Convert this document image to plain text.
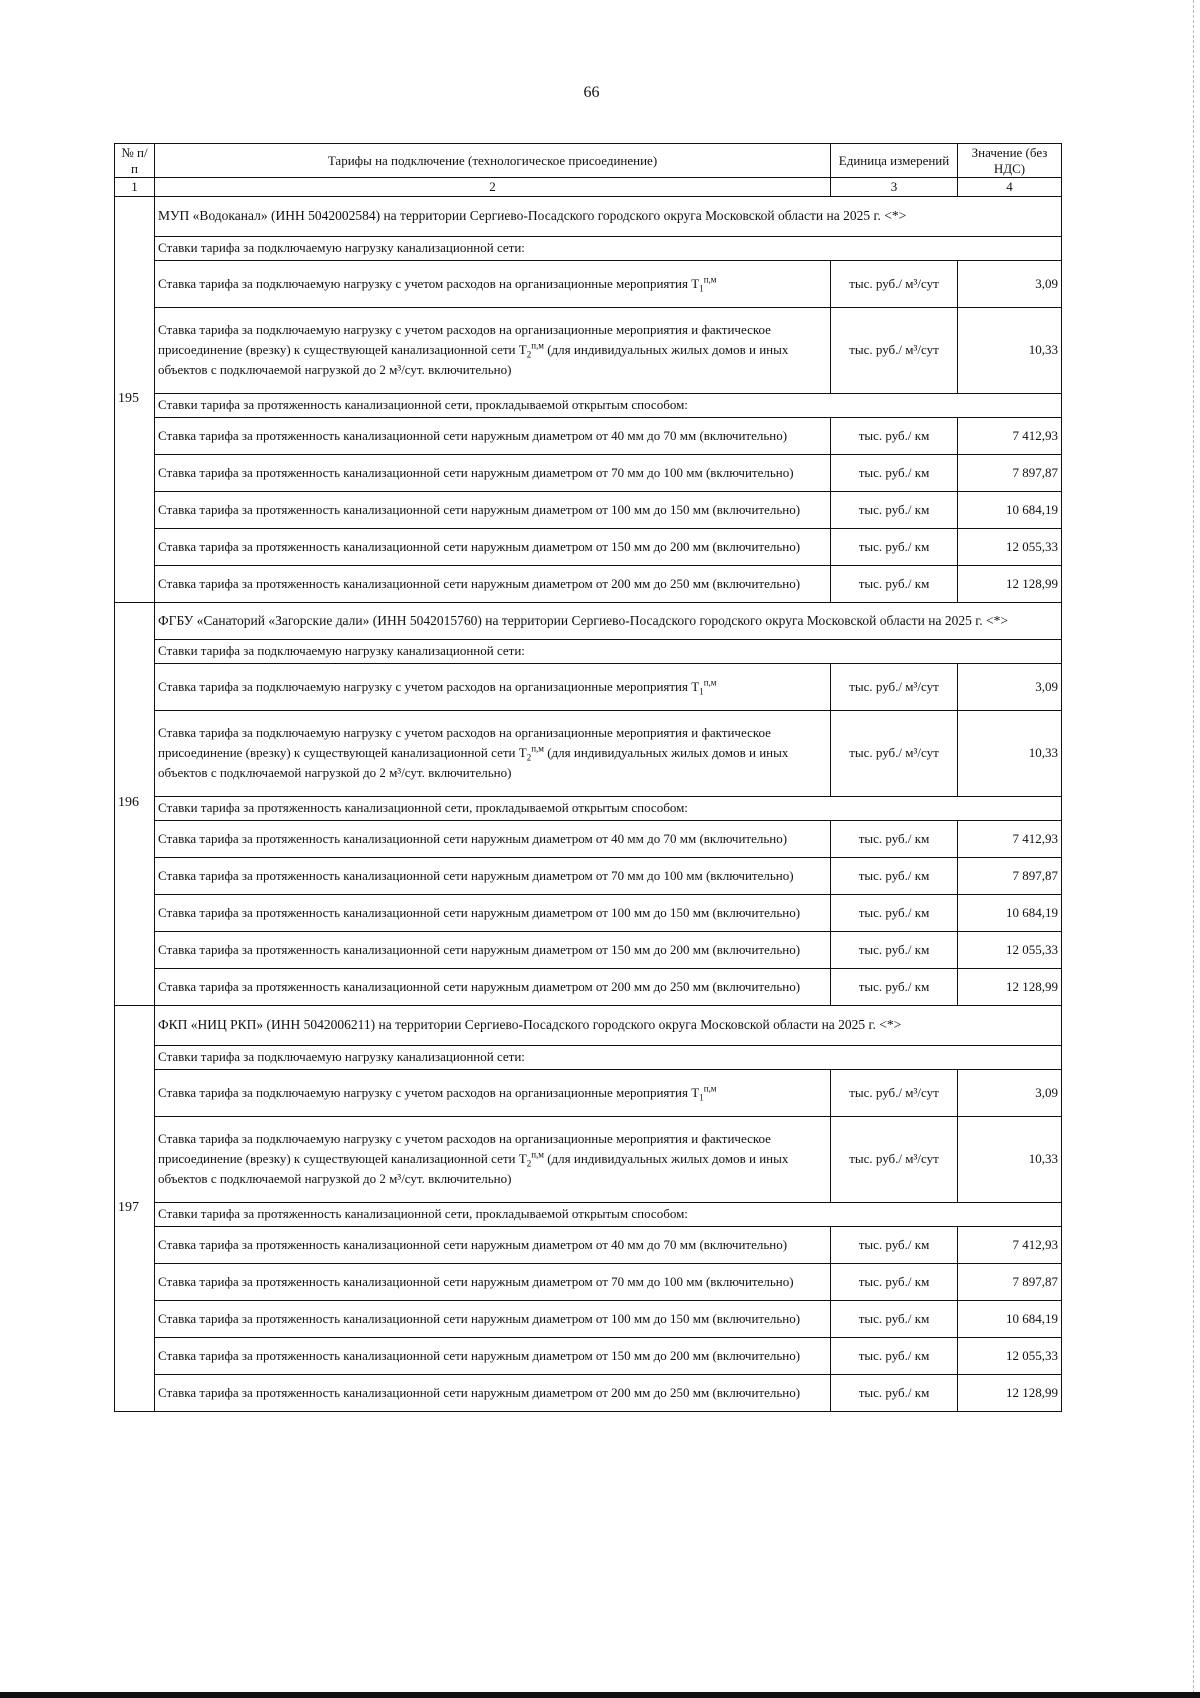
66
№ п/п	Тарифы на подключение (технологическое присоединение)	Единица измерений	Значение (без НДС)
1	2	3	4
195	МУП «Водоканал» (ИНН 5042002584) на территории Сергиево-Посадского городского округа Московской области на 2025 г. <*>		
	Ставки тарифа за подключаемую нагрузку канализационной сети:		
	Ставка тарифа за подключаемую нагрузку с учетом расходов на организационные мероприятия $T_1^{п,м}$	тыс. руб./ м³/сут	3,09
	Ставка тарифа за подключаемую нагрузку с учетом расходов на организационные мероприятия и фактическое присоединение (врезку) к существующей канализационной сети $T_2^{п,м}$ (для индивидуальных жилых домов и иных объектов с подключаемой нагрузкой до 2 м³/сут. включительно)	тыс. руб./ м³/сут	10,33
	Ставки тарифа за протяженность канализационной сети, прокладываемой открытым способом:		
	Ставка тарифа за протяженность канализационной сети наружным диаметром от 40 мм до 70 мм (включительно)	тыс. руб./ км	7 412,93
	Ставка тарифа за протяженность канализационной сети наружным диаметром от 70 мм до 100 мм (включительно)	тыс. руб./ км	7 897,87
	Ставка тарифа за протяженность канализационной сети наружным диаметром от 100 мм до 150 мм (включительно)	тыс. руб./ км	10 684,19
	Ставка тарифа за протяженность канализационной сети наружным диаметром от 150 мм до 200 мм (включительно)	тыс. руб./ км	12 055,33
	Ставка тарифа за протяженность канализационной сети наружным диаметром от 200 мм до 250 мм (включительно)	тыс. руб./ км	12 128,99
196	ФГБУ «Санаторий «Загорские дали» (ИНН 5042015760) на территории Сергиево-Посадского городского округа Московской области на 2025 г. <*>		
	Ставки тарифа за подключаемую нагрузку канализационной сети:		
	Ставка тарифа за подключаемую нагрузку с учетом расходов на организационные мероприятия $T_1^{п,м}$	тыс. руб./ м³/сут	3,09
	Ставка тарифа за подключаемую нагрузку с учетом расходов на организационные мероприятия и фактическое присоединение (врезку) к существующей канализационной сети $T_2^{п,м}$ (для индивидуальных жилых домов и иных объектов с подключаемой нагрузкой до 2 м³/сут. включительно)	тыс. руб./ м³/сут	10,33
	Ставки тарифа за протяженность канализационной сети, прокладываемой открытым способом:		
	Ставка тарифа за протяженность канализационной сети наружным диаметром от 40 мм до 70 мм (включительно)	тыс. руб./ км	7 412,93
	Ставка тарифа за протяженность канализационной сети наружным диаметром от 70 мм до 100 мм (включительно)	тыс. руб./ км	7 897,87
	Ставка тарифа за протяженность канализационной сети наружным диаметром от 100 мм до 150 мм (включительно)	тыс. руб./ км	10 684,19
	Ставка тарифа за протяженность канализационной сети наружным диаметром от 150 мм до 200 мм (включительно)	тыс. руб./ км	12 055,33
	Ставка тарифа за протяженность канализационной сети наружным диаметром от 200 мм до 250 мм (включительно)	тыс. руб./ км	12 128,99
197	ФКП «НИЦ РКП» (ИНН 5042006211) на территории Сергиево-Посадского городского округа Московской области на 2025 г. <*>		
	Ставки тарифа за подключаемую нагрузку канализационной сети:		
	Ставка тарифа за подключаемую нагрузку с учетом расходов на организационные мероприятия $T_1^{п,м}$	тыс. руб./ м³/сут	3,09
	Ставка тарифа за подключаемую нагрузку с учетом расходов на организационные мероприятия и фактическое присоединение (врезку) к существующей канализационной сети $T_2^{п,м}$ (для индивидуальных жилых домов и иных объектов с подключаемой нагрузкой до 2 м³/сут. включительно)	тыс. руб./ м³/сут	10,33
	Ставки тарифа за протяженность канализационной сети, прокладываемой открытым способом:		
	Ставка тарифа за протяженность канализационной сети наружным диаметром от 40 мм до 70 мм (включительно)	тыс. руб./ км	7 412,93
	Ставка тарифа за протяженность канализационной сети наружным диаметром от 70 мм до 100 мм (включительно)	тыс. руб./ км	7 897,87
	Ставка тарифа за протяженность канализационной сети наружным диаметром от 100 мм до 150 мм (включительно)	тыс. руб./ км	10 684,19
	Ставка тарифа за протяженность канализационной сети наружным диаметром от 150 мм до 200 мм (включительно)	тыс. руб./ км	12 055,33
	Ставка тарифа за протяженность канализационной сети наружным диаметром от 200 мм до 250 мм (включительно)	тыс. руб./ км	12 128,99
